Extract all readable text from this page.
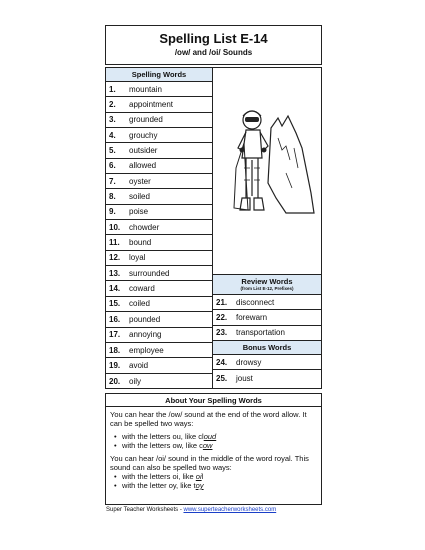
Spelling List E-14
/ow/ and /oi/ Sounds
Spelling Words
1.	mountain
2.	appointment
3.	grounded
4.	grouchy
5.	outsider
6.	allowed
7.	oyster
8.	soiled
9.	poise
10.	chowder
11.	bound
12.	loyal
13.	surrounded
14.	coward
15.	coiled
16.	pounded
17.	annoying
18.	employee
19.	avoid
20.	oily
Review Words
(from List E-12, Prefixes)
21.	disconnect
22.	forewarn
23.	transportation
Bonus Words
24.	drowsy
25.	joust
About Your Spelling Words
You can hear the /ow/ sound at the end of the word allow. It can be spelled two ways:
• with the letters ou, like cloud
• with the letters ow, like cow
You can hear /oi/ sound in the middle of the word royal. This sound can also be spelled two ways:
• with the letters oi, like oil
• with the letter oy, like toy
Super Teacher Worksheets - www.superteacherworksheets.com
